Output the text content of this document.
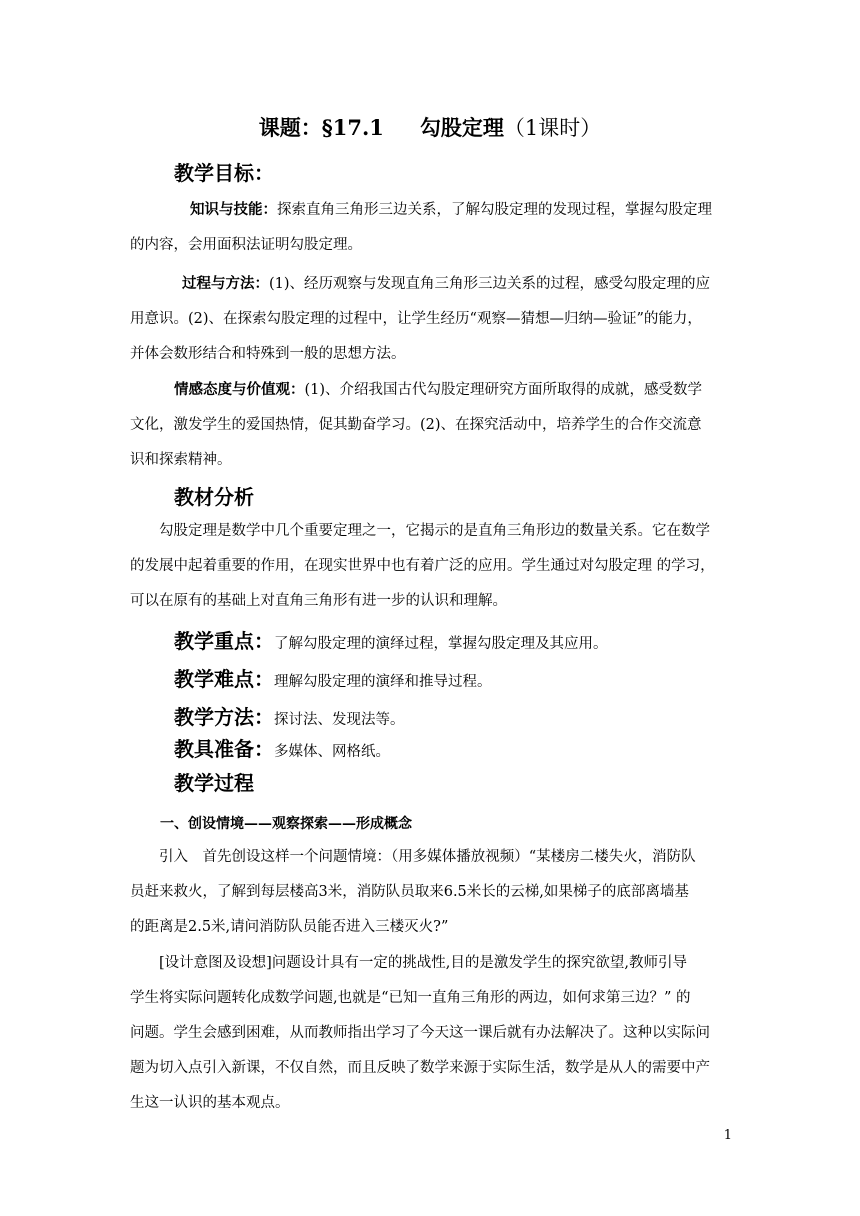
课题：§17.1 勾股定理（1课时）
教学目标：
知识与技能：探索直角三角形三边关系，了解勾股定理的发现过程，掌握勾股定理
的内容，会用面积法证明勾股定理。
过程与方法：(1)、经历观察与发现直角三角形三边关系的过程，感受勾股定理的应
用意识。(2)、在探索勾股定理的过程中，让学生经历“观察—猜想—归纳—验证”的能力，
并体会数形结合和特殊到一般的思想方法。
情感态度与价值观：(1)、介绍我国古代勾股定理研究方面所取得的成就，感受数学
文化，激发学生的爱国热情，促其勤奋学习。(2)、在探究活动中，培养学生的合作交流意
识和探索精神。
教材分析
勾股定理是数学中几个重要定理之一，它揭示的是直角三角形边的数量关系。它在数学
的发展中起着重要的作用，在现实世界中也有着广泛的应用。学生通过对勾股定理 的学习，
可以在原有的基础上对直角三角形有进一步的认识和理解。
教学重点：了解勾股定理的演绎过程，掌握勾股定理及其应用。
教学难点：理解勾股定理的演绎和推导过程。
教学方法：探讨法、发现法等。
教具准备：多媒体、网格纸。
教学过程
一、创设情境——观察探索——形成概念
引入　首先创设这样一个问题情境：（用多媒体播放视频）“某楼房二楼失火，消防队
员赶来救火，了解到每层楼高3米，消防队员取来6.5米长的云梯,如果梯子的底部离墙基
的距离是2.5米,请问消防队员能否进入三楼灭火?”
[设计意图及设想]问题设计具有一定的挑战性,目的是激发学生的探究欲望,教师引导
学生将实际问题转化成数学问题,也就是“已知一直角三角形的两边，如何求第三边？” 的
问题。学生会感到困难，从而教师指出学习了今天这一课后就有办法解决了。这种以实际问
题为切入点引入新课，不仅自然，而且反映了数学来源于实际生活，数学是从人的需要中产
生这一认识的基本观点。
1
